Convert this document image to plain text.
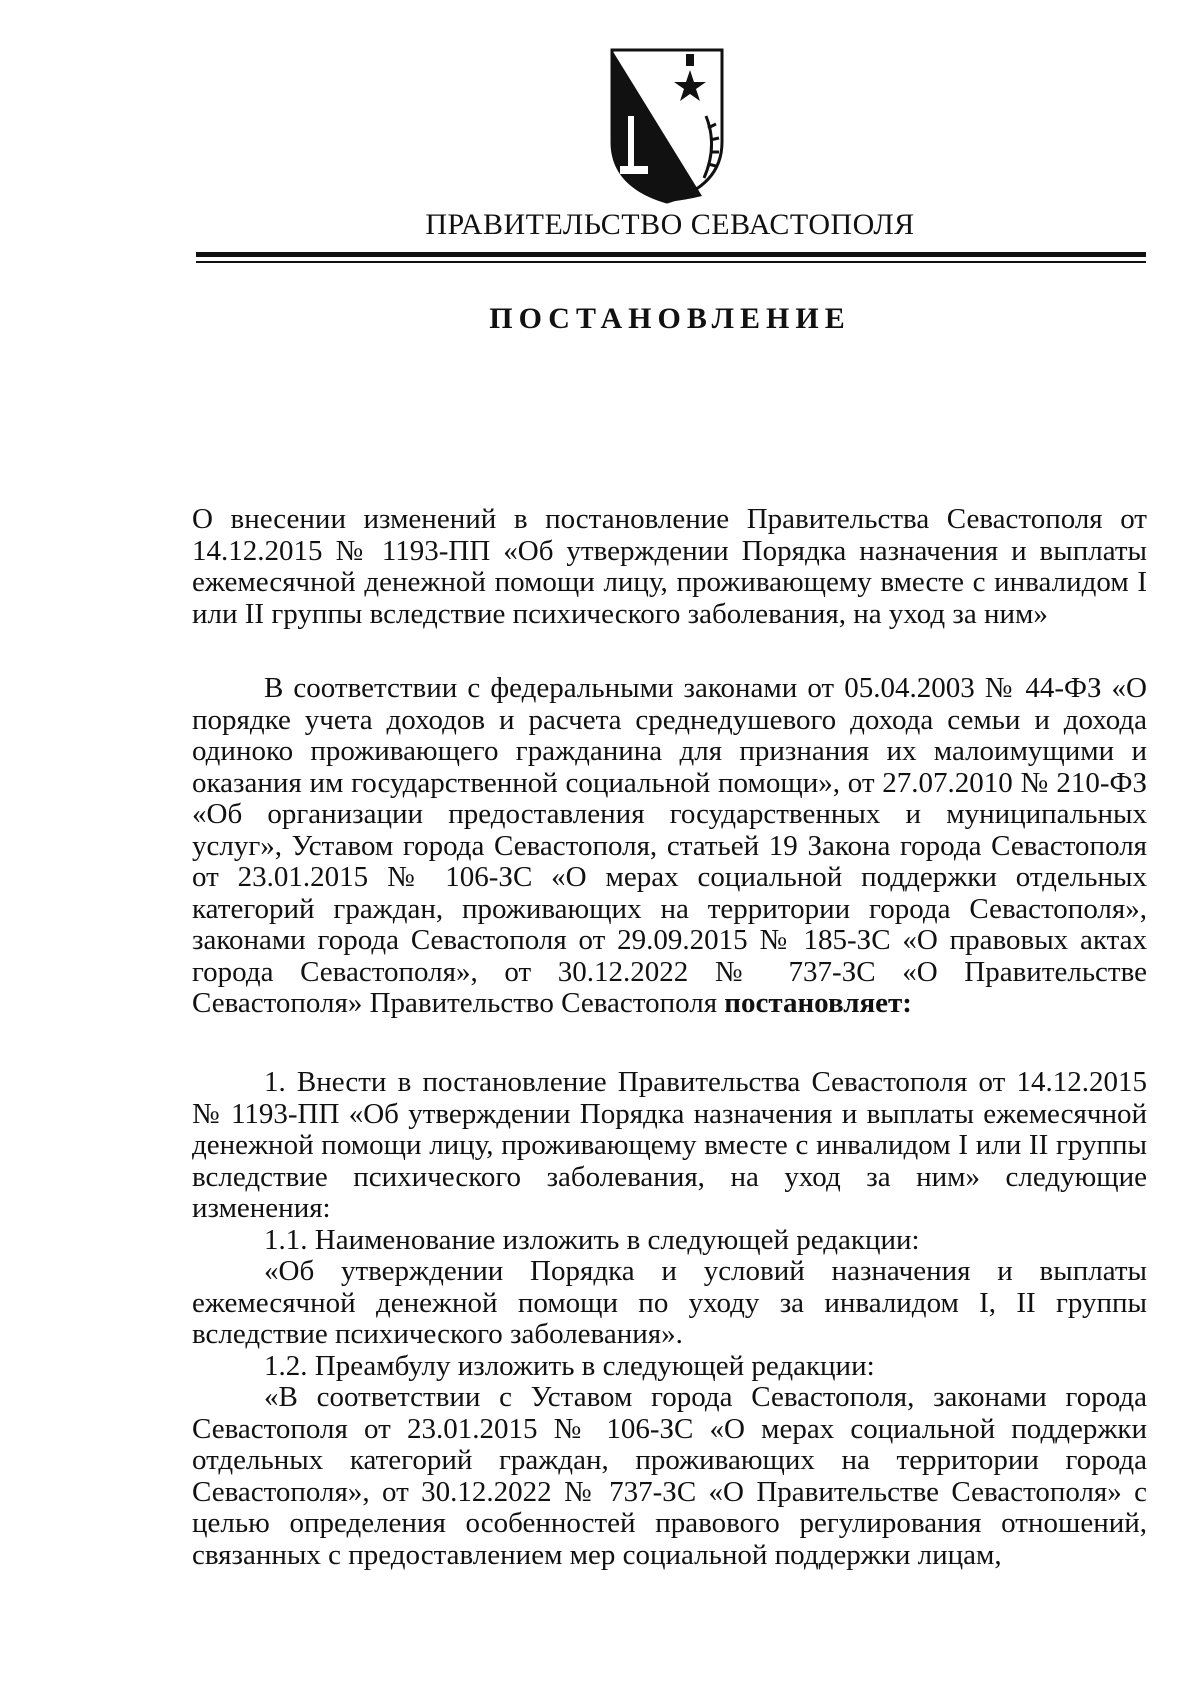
ПРАВИТЕЛЬСТВО СЕВАСТОПОЛЯ
ПОСТАНОВЛЕНИЕ

О внесении изменений в постановление Правительства Севастополя от 14.12.2015 № 1193-ПП «Об утверждении Порядка назначения и выплаты ежемесячной денежной помощи лицу, проживающему вместе с инвалидом I или II группы вследствие психического заболевания, на уход за ним»

В соответствии с федеральными законами от 05.04.2003 № 44-ФЗ «О порядке учета доходов и расчета среднедушевого дохода семьи и дохода одиноко проживающего гражданина для признания их малоимущими и оказания им государственной социальной помощи», от 27.07.2010 № 210-ФЗ «Об организации предоставления государственных и муниципальных услуг», Уставом города Севастополя, статьей 19 Закона города Севастополя от 23.01.2015 № 106-ЗС «О мерах социальной поддержки отдельных категорий граждан, проживающих на территории города Севастополя», законами города Севастополя от 29.09.2015 № 185-ЗС «О правовых актах города Севастополя», от 30.12.2022 № 737-ЗС «О Правительстве Севастополя» Правительство Севастополя постановляет:

1. Внести в постановление Правительства Севастополя от 14.12.2015 № 1193-ПП «Об утверждении Порядка назначения и выплаты ежемесячной денежной помощи лицу, проживающему вместе с инвалидом I или II группы вследствие психического заболевания, на уход за ним» следующие изменения:

1.1. Наименование изложить в следующей редакции:

«Об утверждении Порядка и условий назначения и выплаты ежемесячной денежной помощи по уходу за инвалидом I, II группы вследствие психического заболевания».

1.2. Преамбулу изложить в следующей редакции:

«В соответствии с Уставом города Севастополя, законами города Севастополя от 23.01.2015 № 106-ЗС «О мерах социальной поддержки отдельных категорий граждан, проживающих на территории города Севастополя», от 30.12.2022 № 737-ЗС «О Правительстве Севастополя» с целью определения особенностей правового регулирования отношений, связанных с предоставлением мер социальной поддержки лицам,
